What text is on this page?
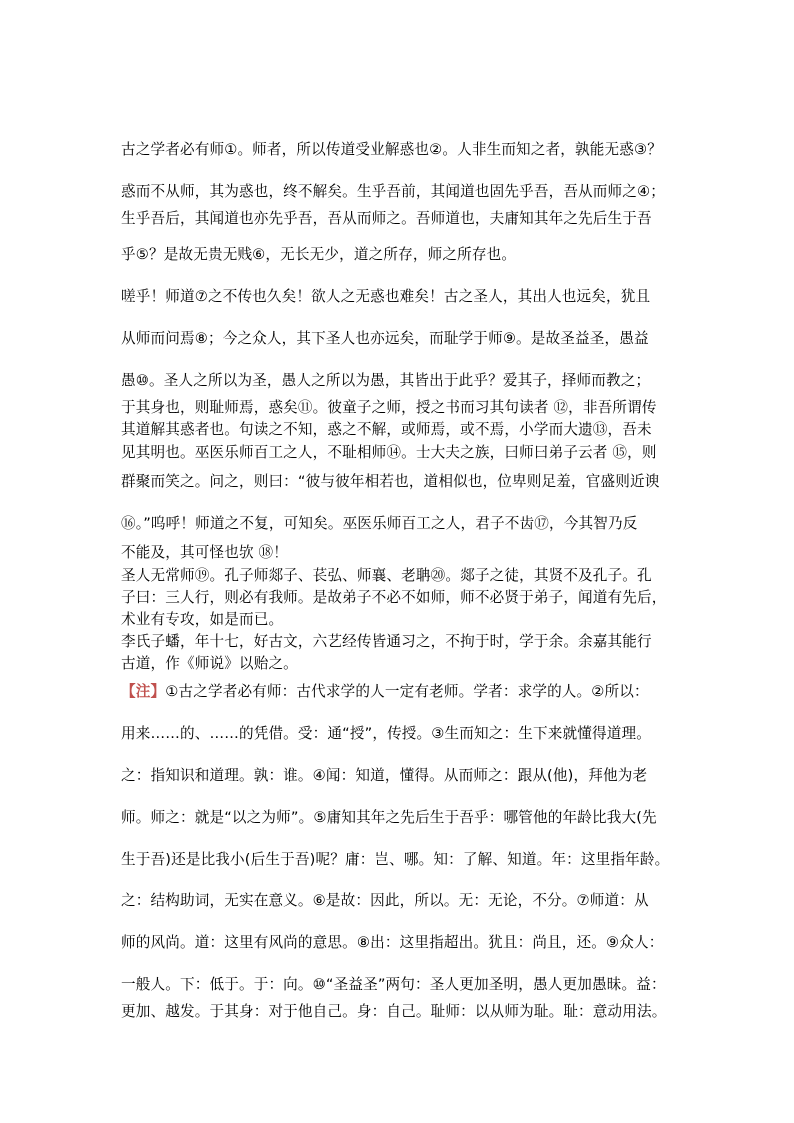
古之学者必有师①。师者，所以传道受业解惑也②。人非生而知之者，孰能无惑③？
惑而不从师，其为惑也，终不解矣。生乎吾前，其闻道也固先乎吾，吾从而师之④；
生乎吾后，其闻道也亦先乎吾，吾从而师之。吾师道也，夫庸知其年之先后生于吾
乎⑤？是故无贵无贱⑥，无长无少，道之所存，师之所存也。
嗟乎！师道⑦之不传也久矣！欲人之无惑也难矣！古之圣人，其出人也远矣，犹且
从师而问焉⑧；今之众人，其下圣人也亦远矣，而耻学于师⑨。是故圣益圣，愚益
愚⑩。圣人之所以为圣，愚人之所以为愚，其皆出于此乎？爱其子，择师而教之；
于其身也，则耻师焉，惑矣⑪。彼童子之师，授之书而习其句读者 ⑫，非吾所谓传
其道解其惑者也。句读之不知，惑之不解，或师焉，或不焉，小学而大遗⑬，吾未
见其明也。巫医乐师百工之人，不耻相师⑭。士大夫之族，曰师曰弟子云者 ⑮，则
群聚而笑之。问之，则曰：“彼与彼年相若也，道相似也，位卑则足羞，官盛则近谀
⑯。”呜呼！师道之不复，可知矣。巫医乐师百工之人，君子不齿⑰，今其智乃反
不能及，其可怪也欤 ⑱！
圣人无常师⑲。孔子师郯子、苌弘、师襄、老聃⑳。郯子之徒，其贤不及孔子。孔
子曰：三人行，则必有我师。是故弟子不必不如师，师不必贤于弟子，闻道有先后，
术业有专攻，如是而已。
李氏子蟠，年十七，好古文，六艺经传皆通习之，不拘于时，学于余。余嘉其能行
古道，作《师说》以贻之。
【注】①古之学者必有师：古代求学的人一定有老师。学者：求学的人。②所以：
用来……的、……的凭借。受：通“授”，传授。③生而知之：生下来就懂得道理。
之：指知识和道理。孰：谁。④闻：知道，懂得。从而师之：跟从(他)，拜他为老
师。师之：就是“以之为师”。⑤庸知其年之先后生于吾乎：哪管他的年龄比我大(先
生于吾)还是比我小(后生于吾)呢？庸：岂、哪。知：了解、知道。年：这里指年龄。
之：结构助词，无实在意义。⑥是故：因此，所以。无：无论，不分。⑦师道：从
师的风尚。道：这里有风尚的意思。⑧出：这里指超出。犹且：尚且，还。⑨众人：
一般人。下：低于。于：向。⑩“圣益圣”两句：圣人更加圣明，愚人更加愚昧。益：
更加、越发。于其身：对于他自己。身：自己。耻师：以从师为耻。耻：意动用法。
